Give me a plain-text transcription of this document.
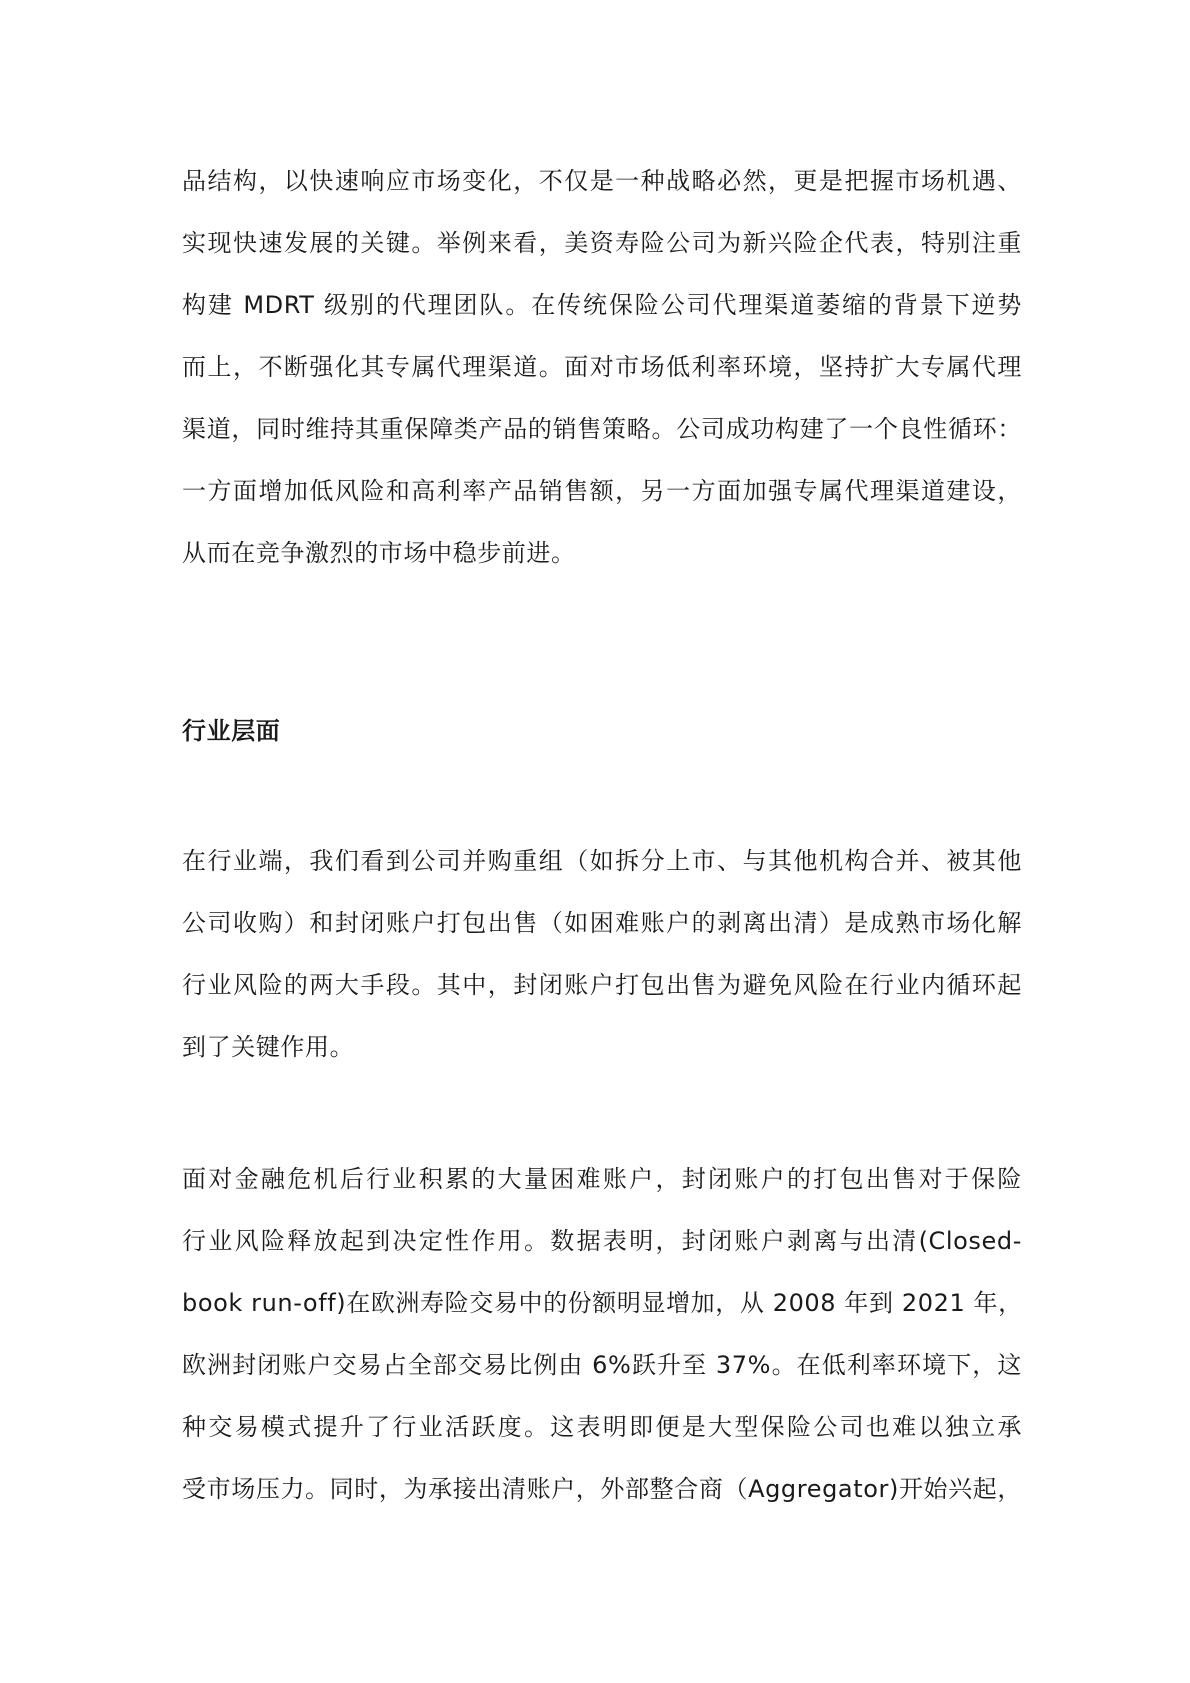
品结构，以快速响应市场变化，不仅是一种战略必然，更是把握市场机遇、
实现快速发展的关键。举例来看，美资寿险公司为新兴险企代表，特别注重
构建 MDRT 级别的代理团队。在传统保险公司代理渠道萎缩的背景下逆势
而上，不断强化其专属代理渠道。面对市场低利率环境，坚持扩大专属代理
渠道，同时维持其重保障类产品的销售策略。公司成功构建了一个良性循环：
一方面增加低风险和高利率产品销售额，另一方面加强专属代理渠道建设，
从而在竞争激烈的市场中稳步前进。
行业层面
在行业端，我们看到公司并购重组（如拆分上市、与其他机构合并、被其他
公司收购）和封闭账户打包出售（如困难账户的剥离出清）是成熟市场化解
行业风险的两大手段。其中，封闭账户打包出售为避免风险在行业内循环起
到了关键作用。
面对金融危机后行业积累的大量困难账户，封闭账户的打包出售对于保险
行业风险释放起到决定性作用。数据表明，封闭账户剥离与出清(Closed-
book run-off)在欧洲寿险交易中的份额明显增加，从 2008 年到 2021 年，
欧洲封闭账户交易占全部交易比例由 6%跃升至 37%。在低利率环境下，这
种交易模式提升了行业活跃度。这表明即便是大型保险公司也难以独立承
受市场压力。同时，为承接出清账户，外部整合商（Aggregator)开始兴起，
